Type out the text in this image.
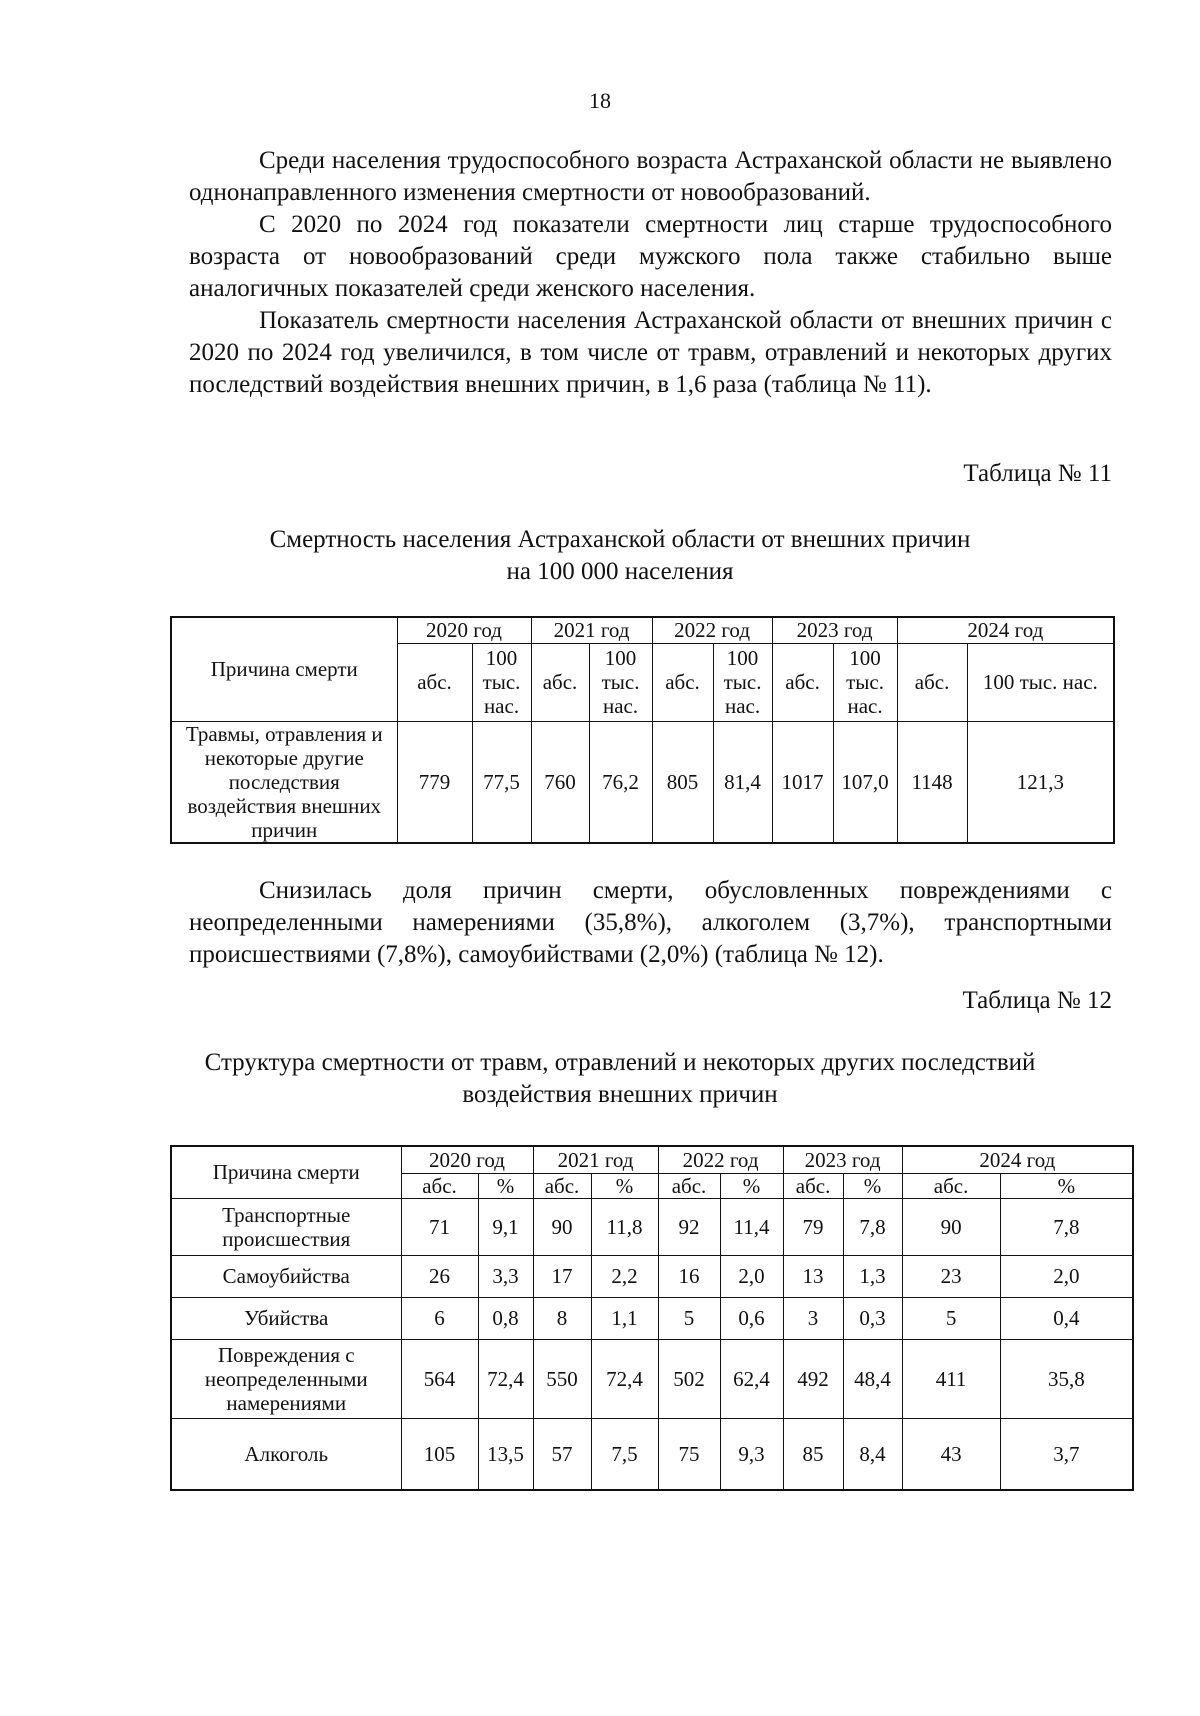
18

Среди населения трудоспособного возраста Астраханской области не выявлено однонаправленного изменения смертности от новообразований.

С 2020 по 2024 год показатели смертности лиц старше трудоспособного возраста от новообразований среди мужского пола также стабильно выше аналогичных показателей среди женского населения.

Показатель смертности населения Астраханской области от внешних причин с 2020 по 2024 год увеличился, в том числе от травм, отравлений и некоторых других последствий воздействия внешних причин, в 1,6 раза (таблица № 11).

Таблица № 11
Смертность населения Астраханской области от внешних причин
на 100 000 населения
Причина смерти	2020 год		2021 год		2022 год		2023 год		2024 год	
	абс.	100 тыс. нас.	абс.	100 тыс. нас.	абс.	100 тыс. нас.	абс.	100 тыс. нас.	абс.	100 тыс. нас.
Травмы, отравления и некоторые другие последствия воздействия внешних причин	779	77,5	760	76,2	805	81,4	1017	107,0	1148	121,3

Снизилась доля причин смерти, обусловленных повреждениями с неопределенными намерениями (35,8%), алкоголем (3,7%), транспортными происшествиями (7,8%), самоубийствами (2,0%) (таблица № 12).

Таблица № 12
Структура смертности от травм, отравлений и некоторых других последствий
воздействия внешних причин
Причина смерти	2020 год		2021 год		2022 год		2023 год		2024 год	
	абс.	%	абс.	%	абс.	%	абс.	%	абс.	%
Транспортные происшествия	71	9,1	90	11,8	92	11,4	79	7,8	90	7,8
Самоубийства	26	3,3	17	2,2	16	2,0	13	1,3	23	2,0
Убийства	6	0,8	8	1,1	5	0,6	3	0,3	5	0,4
Повреждения с неопределенными намерениями	564	72,4	550	72,4	502	62,4	492	48,4	411	35,8
Алкоголь	105	13,5	57	7,5	75	9,3	85	8,4	43	3,7
